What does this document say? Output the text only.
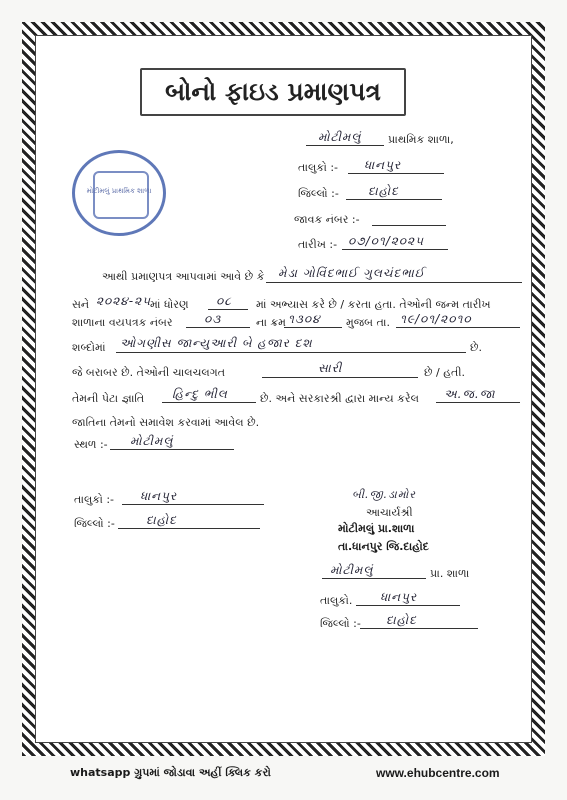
બોનો ફાઇડ પ્રમાણપત્ર
મોટીમલું પ્રાથમિક શાળા,
તાલુકો :- ધાનપુર
જિલ્લો :- દાહોદ
જાવક નંબર :-
તારીખ :- ૦૭/૦૧/૨૦૨૫
મોટીમલું પ્રાથમિક શાળા
આથી પ્રમાણપત્ર આપવામાં આવે છે કે મેડા ગોવિંદભાઈ ગુલચંદભાઈ
સને ૨૦૨૪-૨૫
માં ધોરણ ૦૮ માં અભ્યાસ કરે છે / કરતા હતા. તેઓની જન્મ તારીખ
શાળાના વયપત્રક નંબર	૦૩	ના ક્રમ ૧૩૦૪ મુજબ તા. ૧૯/૦૧/૨૦૧૦
શબ્દોમાં ઓગણીસ જાન્યુઆરી બે હજાર દશ	છે.
જે બરાબર છે. તેઓની ચાલચલગત	સારી	છે / હતી.
તેમની પેટા જ્ઞાતિ હિન્દુ ભીલ	છે. અને સરકારશ્રી દ્વારા માન્ય કરેલ અ.જ.જા
જાતિના તેમનો સમાવેશ કરવામાં આવેલ છે.
સ્થળ :- મોટીમલું
તાલુકો :- ધાનપુર
જિલ્લો :-	દાહોદ
બી.જી.ડામોર
આચાર્યશ્રી
મોટીમલું પ્રા.શાળા
તા.ધાનપુર જિ.દાહોદ
મોટીમલું	પ્રા. શાળા
તાલુકો. ધાનપુર
જિલ્લો :- દાહોદ
whatsapp ગ્રુપમાં જોડાવા અહીં ક્લિક કરો	www.ehubcentre.com
